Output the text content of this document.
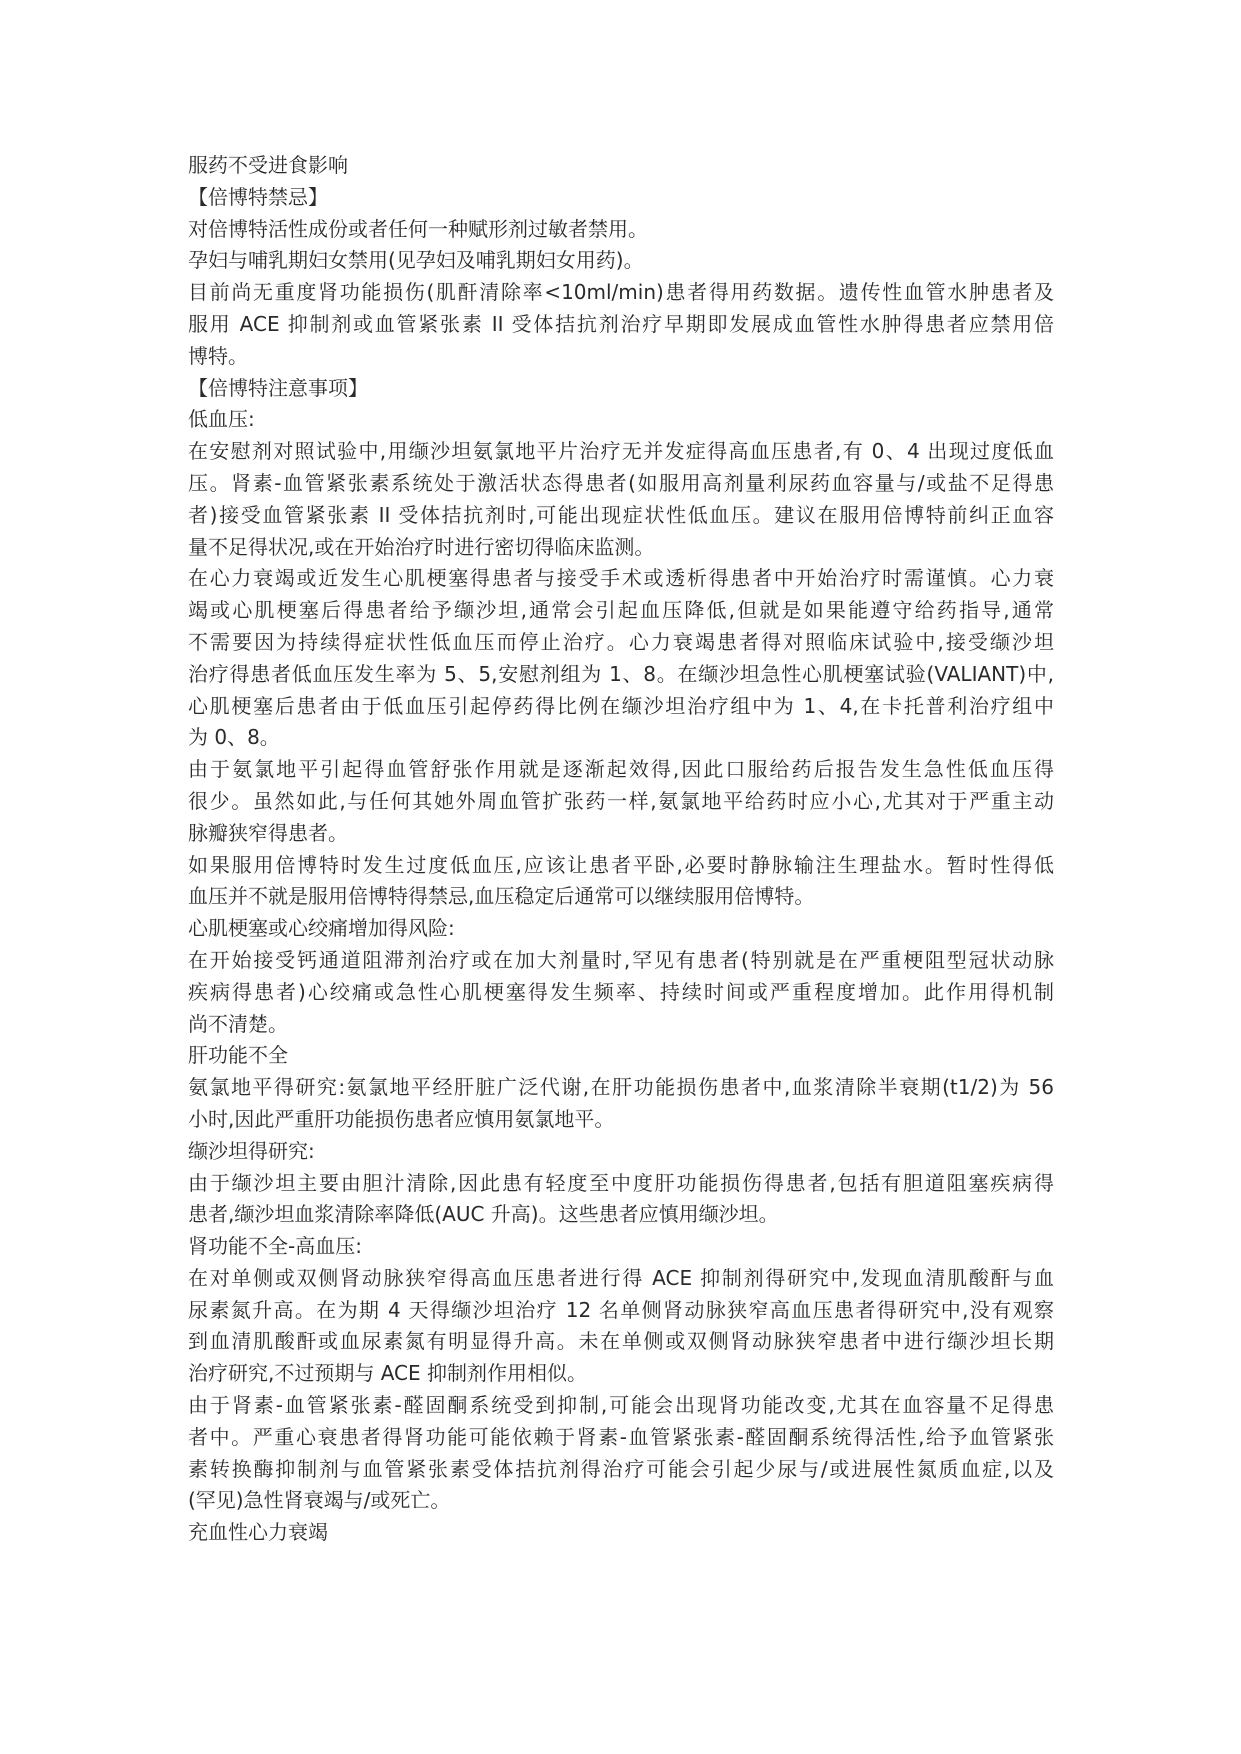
服药不受进食影响

【倍博特禁忌】

对倍博特活性成份或者任何一种赋形剂过敏者禁用。

孕妇与哺乳期妇女禁用(见孕妇及哺乳期妇女用药)。

目前尚无重度肾功能损伤(肌酐清除率<10ml/min)患者得用药数据。遗传性血管水肿患者及

服用 ACE 抑制剂或血管紧张素 II 受体拮抗剂治疗早期即发展成血管性水肿得患者应禁用倍

博特。

【倍博特注意事项】

低血压:

在安慰剂对照试验中,用缬沙坦氨氯地平片治疗无并发症得高血压患者,有 0、4 出现过度低血

压。肾素-血管紧张素系统处于激活状态得患者(如服用高剂量利尿药血容量与/或盐不足得患

者)接受血管紧张素 II 受体拮抗剂时,可能出现症状性低血压。建议在服用倍博特前纠正血容

量不足得状况,或在开始治疗时进行密切得临床监测。

在心力衰竭或近发生心肌梗塞得患者与接受手术或透析得患者中开始治疗时需谨慎。心力衰

竭或心肌梗塞后得患者给予缬沙坦,通常会引起血压降低,但就是如果能遵守给药指导,通常

不需要因为持续得症状性低血压而停止治疗。心力衰竭患者得对照临床试验中,接受缬沙坦

治疗得患者低血压发生率为 5、5,安慰剂组为 1、8。在缬沙坦急性心肌梗塞试验(VALIANT)中,

心肌梗塞后患者由于低血压引起停药得比例在缬沙坦治疗组中为 1、4,在卡托普利治疗组中

为 0、8。

由于氨氯地平引起得血管舒张作用就是逐渐起效得,因此口服给药后报告发生急性低血压得

很少。虽然如此,与任何其她外周血管扩张药一样,氨氯地平给药时应小心,尤其对于严重主动

脉瓣狭窄得患者。

如果服用倍博特时发生过度低血压,应该让患者平卧,必要时静脉输注生理盐水。暂时性得低

血压并不就是服用倍博特得禁忌,血压稳定后通常可以继续服用倍博特。

心肌梗塞或心绞痛增加得风险:

在开始接受钙通道阻滞剂治疗或在加大剂量时,罕见有患者(特别就是在严重梗阻型冠状动脉

疾病得患者)心绞痛或急性心肌梗塞得发生频率、持续时间或严重程度增加。此作用得机制

尚不清楚。

肝功能不全

氨氯地平得研究:氨氯地平经肝脏广泛代谢,在肝功能损伤患者中,血浆清除半衰期(t1/2)为 56

小时,因此严重肝功能损伤患者应慎用氨氯地平。

缬沙坦得研究:

由于缬沙坦主要由胆汁清除,因此患有轻度至中度肝功能损伤得患者,包括有胆道阻塞疾病得

患者,缬沙坦血浆清除率降低(AUC 升高)。这些患者应慎用缬沙坦。

肾功能不全-高血压:

在对单侧或双侧肾动脉狭窄得高血压患者进行得 ACE 抑制剂得研究中,发现血清肌酸酐与血

尿素氮升高。在为期 4 天得缬沙坦治疗 12 名单侧肾动脉狭窄高血压患者得研究中,没有观察

到血清肌酸酐或血尿素氮有明显得升高。未在单侧或双侧肾动脉狭窄患者中进行缬沙坦长期

治疗研究,不过预期与 ACE 抑制剂作用相似。

由于肾素-血管紧张素-醛固酮系统受到抑制,可能会出现肾功能改变,尤其在血容量不足得患

者中。严重心衰患者得肾功能可能依赖于肾素-血管紧张素-醛固酮系统得活性,给予血管紧张

素转换酶抑制剂与血管紧张素受体拮抗剂得治疗可能会引起少尿与/或进展性氮质血症,以及

(罕见)急性肾衰竭与/或死亡。

充血性心力衰竭
